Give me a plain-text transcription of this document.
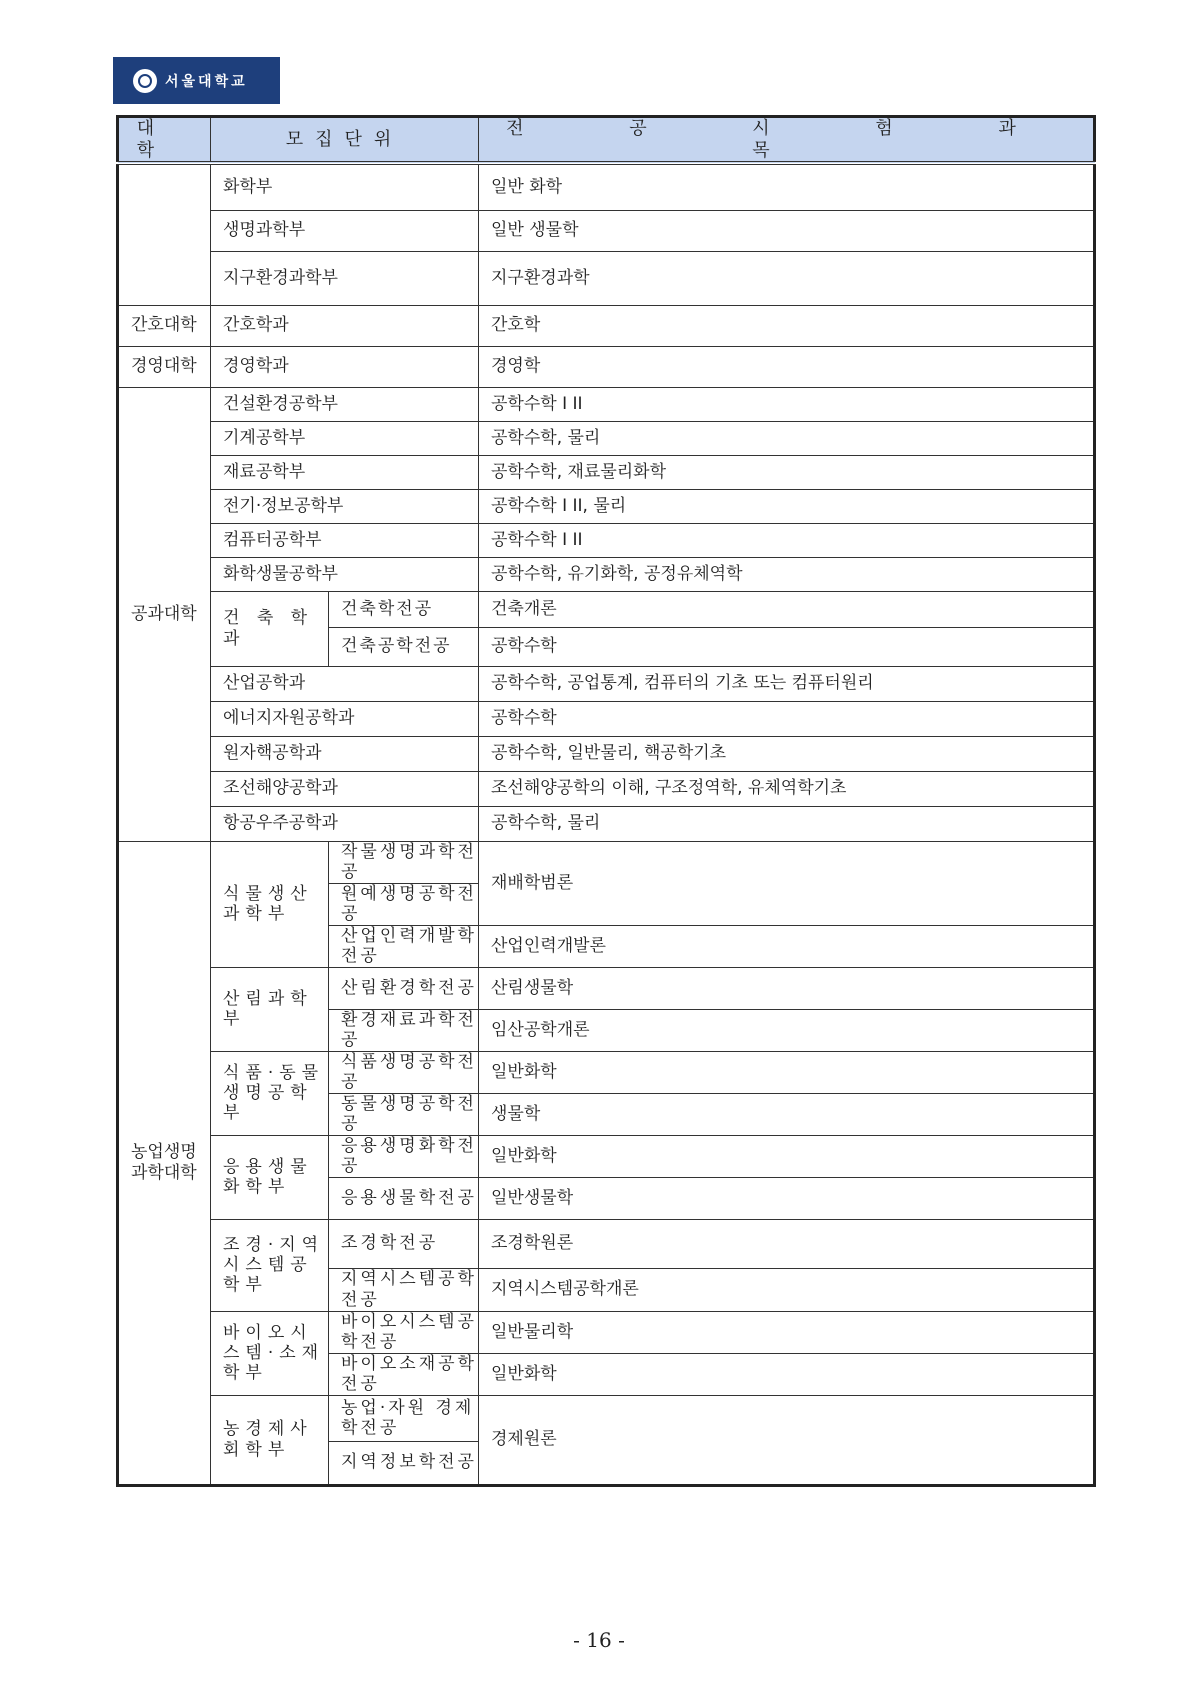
서울대학교
대 학	모집단위		전 공 시 험 과 목
	화학부		일반 화학
	생명과학부		일반 생물학
	지구환경과학부		지구환경과학
간호대학	간호학과		간호학
경영대학	경영학과		경영학
공과대학	건설환경공학부		공학수학 I II
	기계공학부		공학수학, 물리
	재료공학부		공학수학, 재료물리화학
	전기·정보공학부		공학수학 I II, 물리
	컴퓨터공학부		공학수학 I II
	화학생물공학부		공학수학, 유기화학, 공정유체역학
	건 축 학 과	건축학전공	건축개론
		건축공학전공	공학수학
	산업공학과		공학수학, 공업통계, 컴퓨터의 기초 또는 컴퓨터원리
	에너지자원공학과		공학수학
	원자핵공학과		공학수학, 일반물리, 핵공학기초
	조선해양공학과		조선해양공학의 이해, 구조정역학, 유체역학기초
	항공우주공학과		공학수학, 물리

농업생명과학대학	식물생산과학부	작물생명과학전공	재배학범론
		원예생명공학전공	
		산업인력개발학전공	산업인력개발론
	산림과학부	산림환경학전공	산림생물학
		환경재료과학전공	임산공학개론
	식품·동물생명공학부	식품생명공학전공	일반화학
		동물생명공학전공	생물학
	응용생물화학부	응용생명화학전공	일반화학
		응용생물학전공	일반생물학
	조경·지역시스템공학부	조경학전공	조경학원론
		지역시스템공학전공	지역시스템공학개론
	바이오시스템·소재학부	바이오시스템공학전공	일반물리학
		바이오소재공학전공	일반화학
	농경제사회학부	농업·자원 경제학전공	경제원론
		지역정보학전공	
- 16 -
